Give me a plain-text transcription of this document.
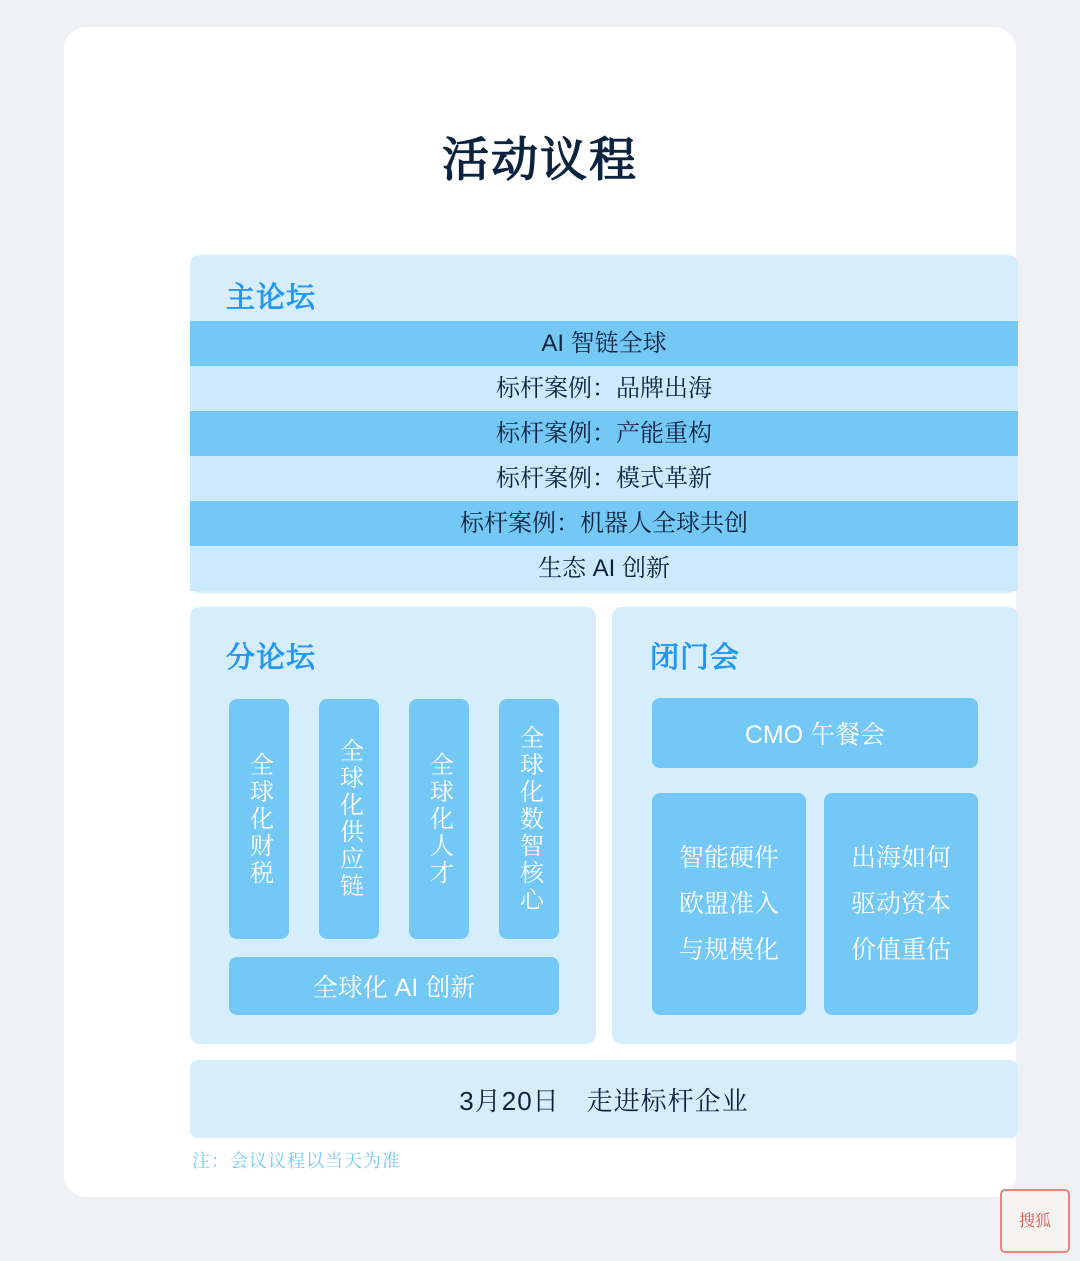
活动议程
主论坛
AI 智链全球
标杆案例：品牌出海
标杆案例：产能重构
标杆案例：模式革新
标杆案例：机器人全球共创
生态 AI 创新
分论坛
全球化财税	全球化供应链	全球化人才	全球化数智核心
全球化 AI 创新
闭门会
CMO 午餐会
智能硬件
欧盟准入
与规模化
出海如何
驱动资本
价值重估
3月20日　走进标杆企业
注：会议议程以当天为准
搜狐
